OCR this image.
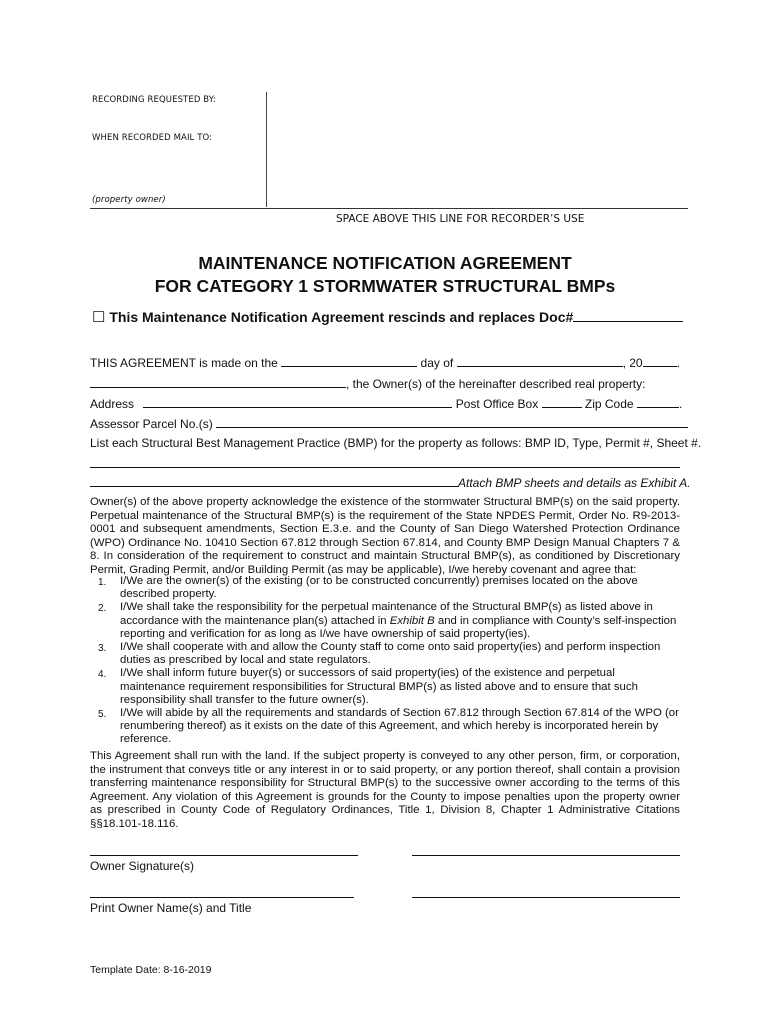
RECORDING REQUESTED BY:
WHEN RECORDED MAIL TO:
(property owner)
SPACE ABOVE THIS LINE FOR RECORDER’S USE
MAINTENANCE NOTIFICATION AGREEMENT
FOR CATEGORY 1 STORMWATER STRUCTURAL BMPs
☐ This Maintenance Notification Agreement rescinds and replaces Doc#
THIS AGREEMENT is made on the	day of	, 20	.
, the Owner(s) of the hereinafter described real property:
Address	Post Office Box	Zip Code	.
Assessor Parcel No.(s)
List each Structural Best Management Practice (BMP) for the property as follows: BMP ID, Type, Permit #, Sheet #.
Attach BMP sheets and details as Exhibit A.
Owner(s) of the above property acknowledge the existence of the stormwater Structural BMP(s) on the said property. Perpetual maintenance of the Structural BMP(s) is the requirement of the State NPDES Permit, Order No. R9-2013-0001 and subsequent amendments, Section E.3.e. and the County of San Diego Watershed Protection Ordinance (WPO) Ordinance No. 10410 Section 67.812 through Section 67.814, and County BMP Design Manual Chapters 7 & 8. In consideration of the requirement to construct and maintain Structural BMP(s), as conditioned by Discretionary Permit, Grading Permit, and/or Building Permit (as may be applicable), I/we hereby covenant and agree that:
1. I/We are the owner(s) of the existing (or to be constructed concurrently) premises located on the above described property.
2. I/We shall take the responsibility for the perpetual maintenance of the Structural BMP(s) as listed above in accordance with the maintenance plan(s) attached in Exhibit B and in compliance with County’s self-inspection reporting and verification for as long as I/we have ownership of said property(ies).
3. I/We shall cooperate with and allow the County staff to come onto said property(ies) and perform inspection duties as prescribed by local and state regulators.
4. I/We shall inform future buyer(s) or successors of said property(ies) of the existence and perpetual maintenance requirement responsibilities for Structural BMP(s) as listed above and to ensure that such responsibility shall transfer to the future owner(s).
5. I/We will abide by all the requirements and standards of Section 67.812 through Section 67.814 of the WPO (or renumbering thereof) as it exists on the date of this Agreement, and which hereby is incorporated herein by reference.
This Agreement shall run with the land. If the subject property is conveyed to any other person, firm, or corporation, the instrument that conveys title or any interest in or to said property, or any portion thereof, shall contain a provision transferring maintenance responsibility for Structural BMP(s) to the successive owner according to the terms of this Agreement. Any violation of this Agreement is grounds for the County to impose penalties upon the property owner as prescribed in County Code of Regulatory Ordinances, Title 1, Division 8, Chapter 1 Administrative Citations §§18.101-18.116.
Owner Signature(s)
Print Owner Name(s) and Title
Template Date: 8-16-2019
